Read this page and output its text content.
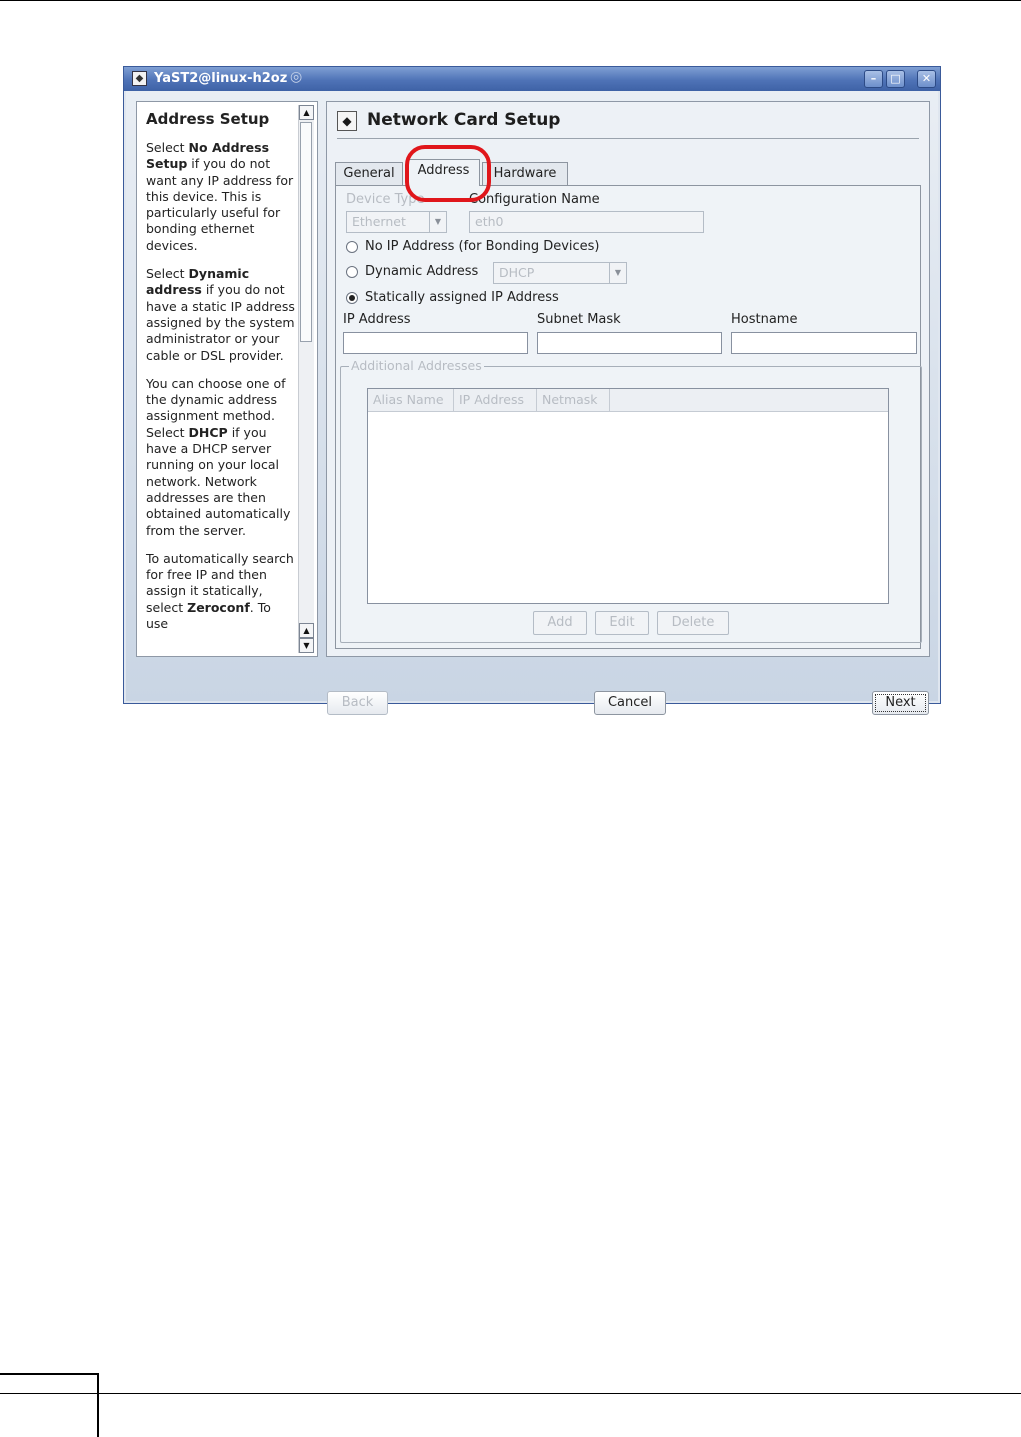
◆ YaST2@linux-h2oz ◎	–	□	✕
Address Setup

Select No Address Setup if you do not want any IP address for this device. This is particularly useful for bonding ethernet devices.

Select Dynamic address if you do not have a static IP address assigned by the system administrator or your cable or DSL provider.

You can choose one of the dynamic address assignment method. Select DHCP if you have a DHCP server running on your local network. Network addresses are then obtained automatically from the server.

To automatically search for free IP and then assign it statically, select Zeroconf. To use

▲
▲
▼
◆ Network Card Setup
General	Hardware
Device Type
Ethernet	▼
Configuration Name
eth0
No IP Address (for Bonding Devices)
Dynamic Address	DHCP	▼
Statically assigned IP Address
IP Address	Subnet Mask	Hostname
Additional Addresses
Alias Name	IP Address	Netmask
Add	Edit	Delete
Address
Back	Cancel	Next
